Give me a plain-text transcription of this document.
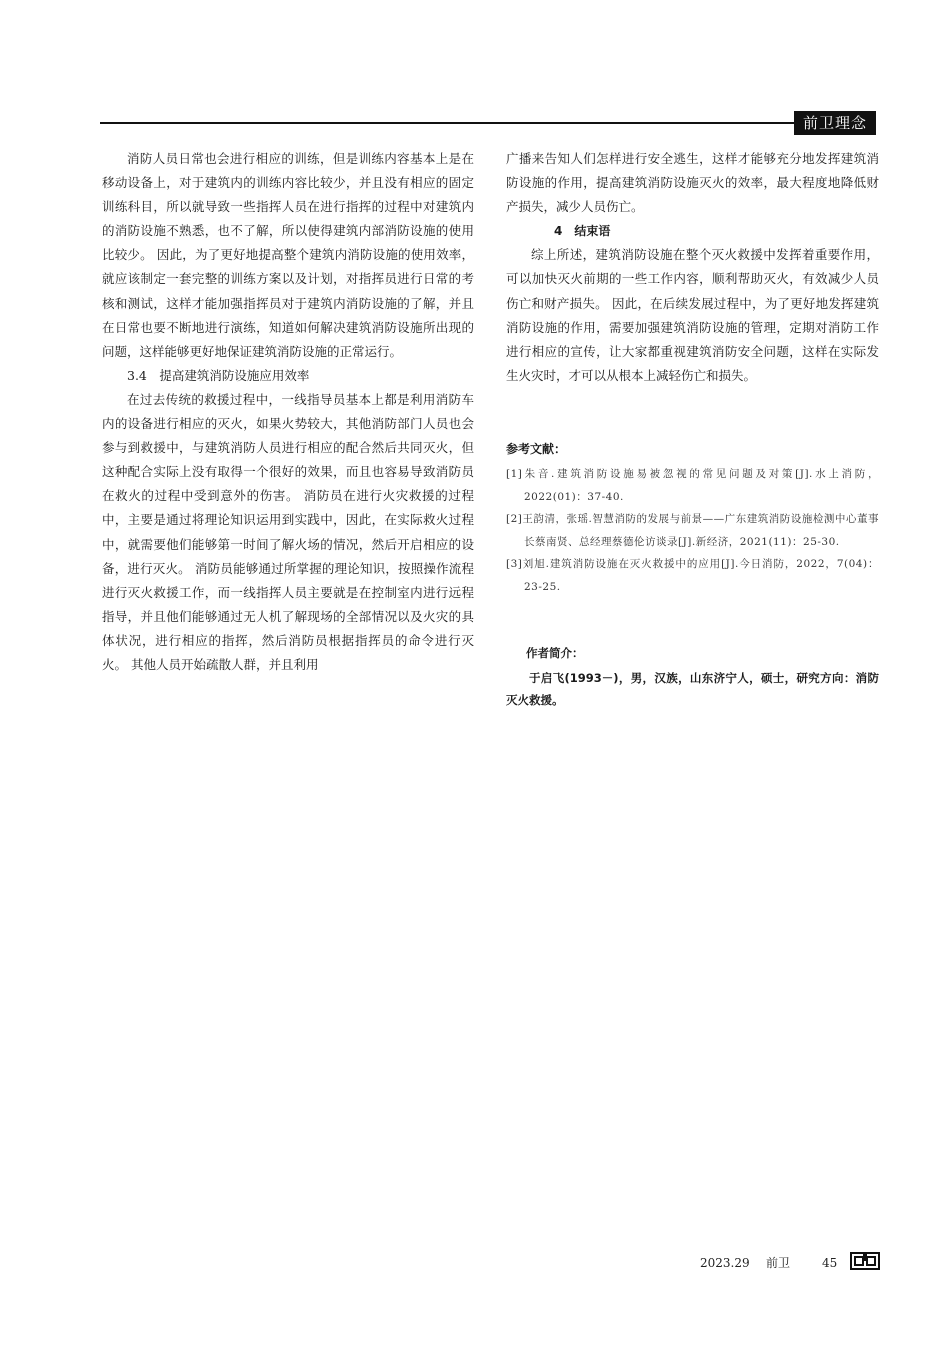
前卫理念

消防人员日常也会进行相应的训练，但是训练内容基本上是在移动设备上，对于建筑内的训练内容比较少，并且没有相应的固定训练科目，所以就导致一些指挥人员在进行指挥的过程中对建筑内的消防设施不熟悉，也不了解，所以使得建筑内部消防设施的使用比较少。 因此，为了更好地提高整个建筑内消防设施的使用效率，就应该制定一套完整的训练方案以及计划，对指挥员进行日常的考核和测试，这样才能加强指挥员对于建筑内消防设施的了解，并且在日常也要不断地进行演练，知道如何解决建筑消防设施所出现的问题，这样能够更好地保证建筑消防设施的正常运行。

3.4　提高建筑消防设施应用效率

在过去传统的救援过程中，一线指导员基本上都是利用消防车内的设备进行相应的灭火，如果火势较大，其他消防部门人员也会参与到救援中，与建筑消防人员进行相应的配合然后共同灭火，但这种配合实际上没有取得一个很好的效果，而且也容易导致消防员在救火的过程中受到意外的伤害。 消防员在进行火灾救援的过程中，主要是通过将理论知识运用到实践中，因此，在实际救火过程中，就需要他们能够第一时间了解火场的情况，然后开启相应的设备，进行灭火。 消防员能够通过所掌握的理论知识，按照操作流程进行灭火救援工作，而一线指挥人员主要就是在控制室内进行远程指导，并且他们能够通过无人机了解现场的全部情况以及火灾的具体状况，进行相应的指挥，然后消防员根据指挥员的命令进行灭火。 其他人员开始疏散人群，并且利用

广播来告知人们怎样进行安全逃生，这样才能够充分地发挥建筑消防设施的作用，提高建筑消防设施灭火的效率，最大程度地降低财产损失，减少人员伤亡。

4　结束语

综上所述，建筑消防设施在整个灭火救援中发挥着重要作用，可以加快灭火前期的一些工作内容，顺利帮助灭火，有效减少人员伤亡和财产损失。 因此，在后续发展过程中，为了更好地发挥建筑消防设施的作用，需要加强建筑消防设施的管理，定期对消防工作进行相应的宣传，让大家都重视建筑消防安全问题，这样在实际发生火灾时，才可以从根本上减轻伤亡和损失。

参考文献：
[1]朱音.建筑消防设施易被忽视的常见问题及对策[J].水上消防，2022(01)：37-40.
[2]王韵清，张瑶.智慧消防的发展与前景——广东建筑消防设施检测中心董事长蔡南贤、总经理蔡德伦访谈录[J].新经济，2021(11)：25-30.
[3]刘旭.建筑消防设施在灭火救援中的应用[J].今日消防，2022，7(04)：23-25.
作者简介：
于启飞(1993－)，男，汉族，山东济宁人，硕士，研究方向：消防灭火救援。
2023.29 前卫	45
